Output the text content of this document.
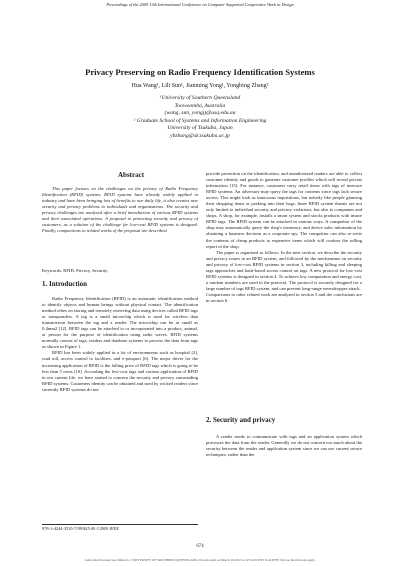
Proceedings of the 2009 13th International Conference on Computer Supported Cooperative Work in Design
Privacy Preserving on Radio Frequency Identification Systems
Hua Wang¹, Lili Sun¹, Jianming Yong¹, Yongbing Zhang²
¹University of Southern Queensland
Toowoomba, Australia
(wang, sun, yongj)@usq.edu.au
² Graduate School of Systems and Information Engineering
University of Tsukuba, Japan
ybzhang@sk.tsukuba.ac.jp
Abstract

This paper focuses on the challenges on the privacy of Radio Frequency Identification (RFID) systems. RFID systems have already widely applied in industry and have been bringing lots of benefits to our daily life, it also creates new security and privacy problems to individuals and organizations. The security and privacy challenges are analysed after a brief introduction of various RFID systems and their associated operations. A proposal to protecting security and privacy of customers, as a solution of the challenge for low-cost RFID systems is designed. Finally, comparisons to related works of the proposal are described.

Keywords: RFID, Privacy, Security.
1. Introduction

Radio Frequency Identification (RFID) is an automatic identification method to identify objects and human beings without physical contact. The identification method relies on storing and remotely retrieving data using devices called RFID tags or transponders. A tag is a small microchip which is used for wireless data transmission between the tag and a reader. The microchip can be as small as 0.4mm2 [12]. RFID tags can be attached to or incorporated into a product, animal, or person for the purpose of identification using radio waves. RFID systems normally consist of tags, readers and database systems to process the data from tags as shown in Figure 1.

RFID has been widely applied in a lot of environments such as hospital [2], road toll, access control to facilities, and e-passport [6]. The major driver for the increasing application of RFID is the falling price of RFID tags which is going to be less than 5 cents [10]. According the low-cost tags and various application of RFID in our current life, we have started to concern the security and privacy surrounding RFID systems. Customers identity can be obtained and used by wicked readers since currently RFID systems do not

provide protection on the identification, and unauthorized readers are able to collect customer identity and goods to generate customer profiles which will reveal private information [15]. For instance, customers carry retail items with tags of insecure RFID systems. An adversary may query the tags for contents since tags lack secure access. This might look as innocuous inquisitions, but nobody like people glancing their shopping items or peeking into their bags. Inure RFID system threats are not only limited to individual security and privacy violations, but also to companies and shops. A shop, for example, installs a smart system and stocks products with insure RFID tags. The RFID system can be attacked in various ways. A competitor of the shop may automatically query the shop's inventory, and derive sales information by obtaining a business decision as a corporate spy. The competitor can also re-write the contents of cheap products to expensive items which will confuse the selling report of the shop.

The paper is organized as follows. In the next section, we describe the security and privacy issues in an RFID system, and followed by the mechanisms on security and privacy of low-cost RFID systems in section 3, including killing and sleeping tags approaches and hash-based access control on tags. A new protocol for low-cost RFID systems is designed in section 4. To achieve low computation and energy cost, a random numbers are used in the protocol. The protocol is securely designed for a large number of tags RFID system, and can prevent long-range eavesdropper attack.

Comparisons to other related work are analyzed in section 5 and the conclusions are in section 6.

2. Security and privacy

A reader needs to communicate with tags and an application system which processes the data from the reader. Generally we do not concern too much about the security between the reader and application system since we can use current secure techniques, rather than the

978-1-4244-3535-7/09/$25.00 ©2009 IEEE
674
Authorized licensed use limited to: UNIVERSITY OF SOUTHERN QUEENSLAND. Downloaded on March 19,2010 at 22:54:29 EDT from IEEE Xplore. Restrictions apply.
